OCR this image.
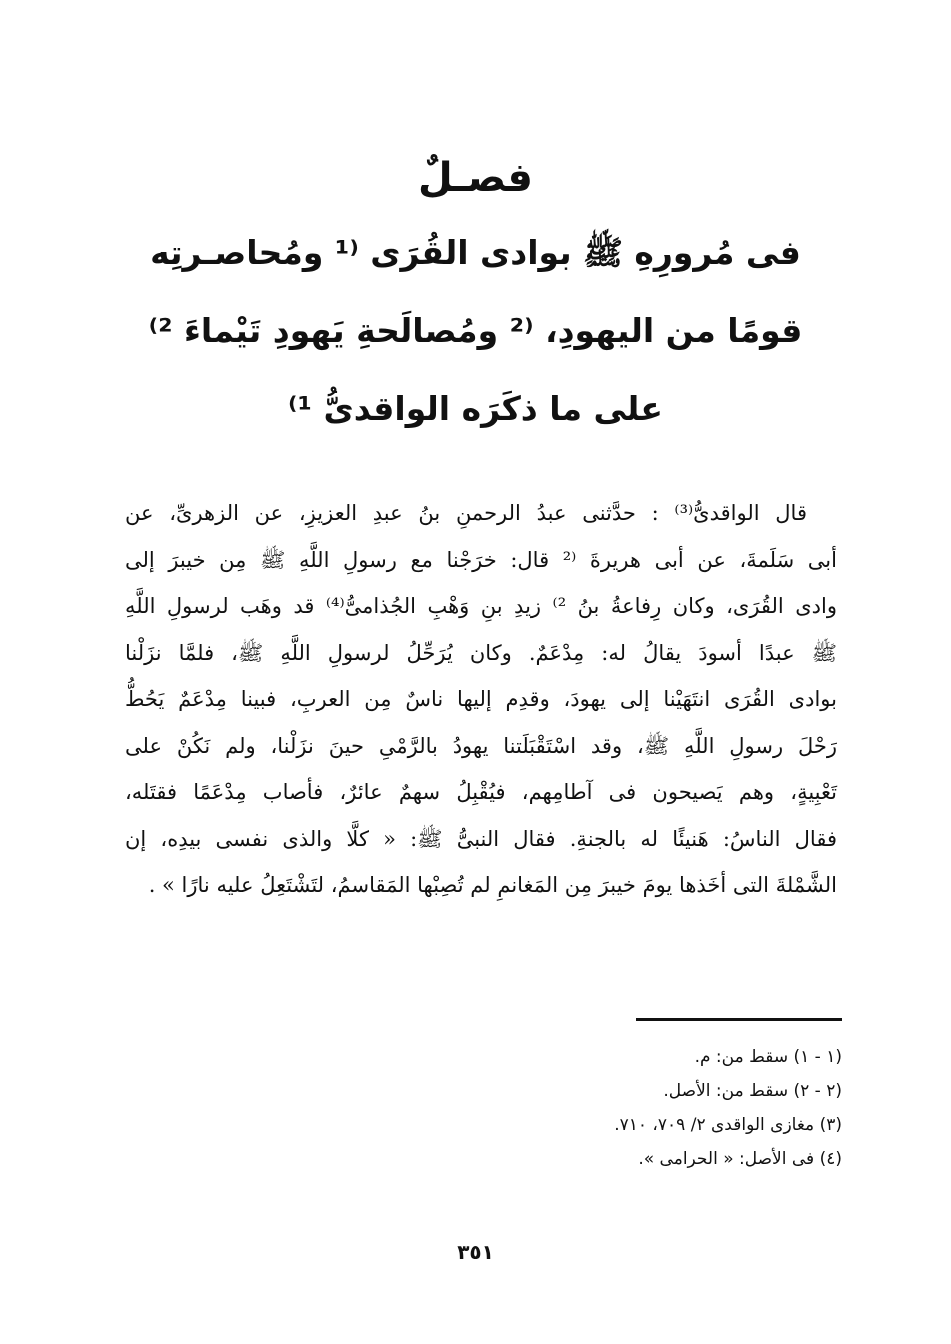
فصـلٌ
فى مُرورِهِ ﷺ بوادى القُرَى ⁽¹ ومُحاصـرتِه
قومًا من اليهودِ، ⁽² ومُصالَحةِ يَهودِ تَيْماءَ ²⁾
على ما ذكَرَه الواقدىُّ ¹⁾
قال الواقدىُّ⁽³⁾ : حدَّثنى عبدُ الرحمنِ بنُ عبدِ العزيزِ، عن الزهرىِّ، عن
أبى سَلَمةَ، عن أبى هريرةَ ⁽² قال: خرَجْنا مع رسولِ اللَّهِ ﷺ مِن خيبرَ إلى
وادى القُرَى، وكان رِفاعةُ بنُ ²⁾ زيدِ بنِ وَهْبِ الجُذامىُّ⁽⁴⁾ قد وهَب لرسولِ اللَّهِ
ﷺ عبدًا أسودَ يقالُ له: مِدْعَمٌ. وكان يُرَحِّلُ لرسولِ اللَّهِ ﷺ، فلمَّا نزَلْنا
بوادى القُرَى انتَهَيْنا إلى يهودَ، وقدِم إليها ناسٌ مِن العربِ، فبينا مِدْعَمٌ يَحُطُّ
رَحْلَ رسولِ اللَّهِ ﷺ، وقد اسْتَقْبَلَتنا يهودُ بالرَّمْىِ حينَ نزَلْنا، ولم نَكُنْ على
تَعْبِيةٍ، وهم يَصيحون فى آطامِهم، فيُقْبِلُ سهمٌ عائرٌ، فأصاب مِدْعَمًا فقتَله،
فقال الناسُ: هَنيئًا له بالجنةِ. فقال النبىُّ ﷺ: « كلَّا والذى نفسى بيدِه، إن
الشَّمْلةَ التى أخَذها يومَ خيبرَ مِن المَغانمِ لم تُصِبْها المَقاسمُ، لتَشْتَعِلُ عليه نارًا » .
(١ - ١) سقط من: م.
(٢ - ٢) سقط من: الأصل.
(٣) مغازى الواقدى ٢/ ٧٠٩، ٧١٠.
(٤) فى الأصل: « الحرامى ».
٣٥١
